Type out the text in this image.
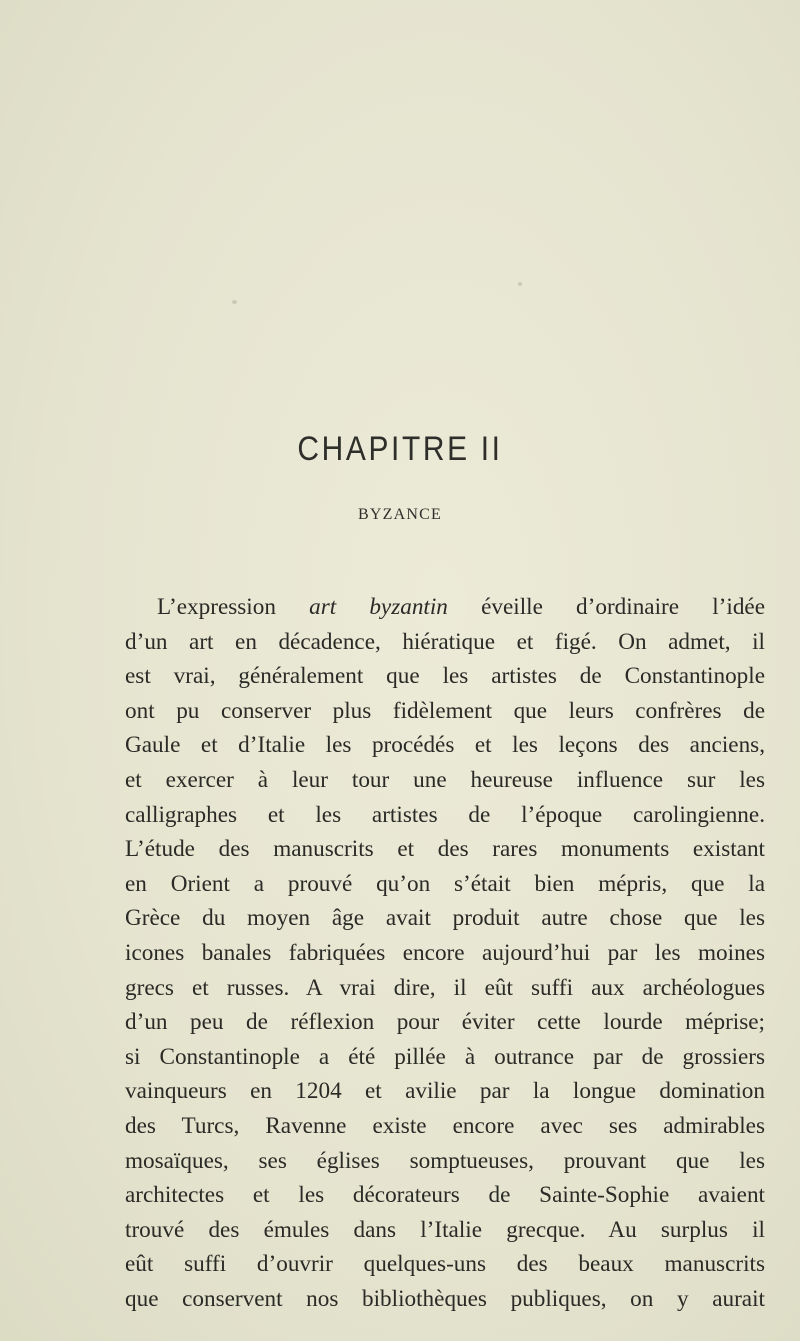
CHAPITRE II
BYZANCE
L’expression art byzantin éveille d’ordinaire l’idée
d’un art en décadence, hiératique et figé. On admet, il
est vrai, généralement que les artistes de Constantinople
ont pu conserver plus fidèlement que leurs confrères de
Gaule et d’Italie les procédés et les leçons des anciens,
et exercer à leur tour une heureuse influence sur les
calligraphes et les artistes de l’époque carolingienne.
L’étude des manuscrits et des rares monuments existant
en Orient a prouvé qu’on s’était bien mépris, que la
Grèce du moyen âge avait produit autre chose que les
icones banales fabriquées encore aujourd’hui par les moines
grecs et russes. A vrai dire, il eût suffi aux archéologues
d’un peu de réflexion pour éviter cette lourde méprise;
si Constantinople a été pillée à outrance par de grossiers
vainqueurs en 1204 et avilie par la longue domination
des Turcs, Ravenne existe encore avec ses admirables
mosaïques, ses églises somptueuses, prouvant que les
architectes et les décorateurs de Sainte-Sophie avaient
trouvé des émules dans l’Italie grecque. Au surplus il
eût suffi d’ouvrir quelques-uns des beaux manuscrits
que conservent nos bibliothèques publiques, on y aurait
